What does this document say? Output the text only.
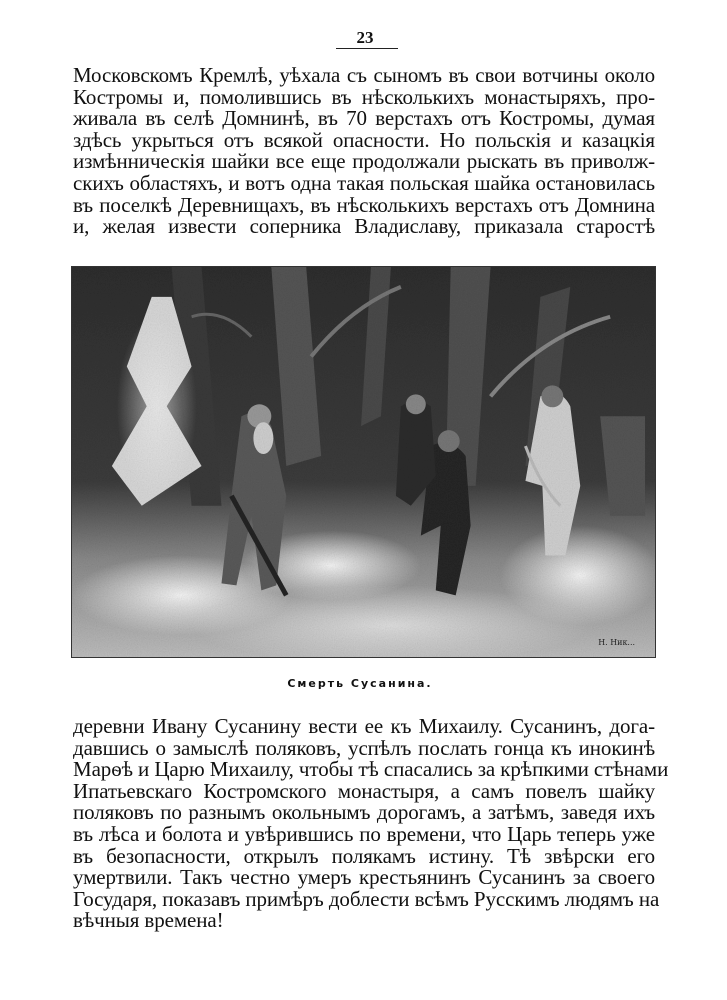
23
Московскомъ Кремлѣ, уѣхала съ сыномъ въ свои вотчины около
Костромы и, помолившись въ нѣсколькихъ монастыряхъ, про-
живала въ селѣ Домнинѣ, въ 70 верстахъ отъ Костромы, думая
здѣсь укрыться отъ всякой опасности. Но польскія и казацкія
измѣнническія шайки все еще продолжали рыскать въ приволж-
скихъ областяхъ, и вотъ одна такая польская шайка остановилась
въ поселкѣ Деревнищахъ, въ нѣсколькихъ верстахъ отъ Домнина
и, желая извести соперника Владиславу, приказала старостѣ
Н. Ник...
Смерть Сусанина.
деревни Ивану Сусанину вести ее къ Михаилу. Сусанинъ, дога-
давшись о замыслѣ поляковъ, успѣлъ послать гонца къ инокинѣ
Марѳѣ и Царю Михаилу, чтобы тѣ спасались за крѣпкими стѣнами
Ипатьевскаго Костромского монастыря, а самъ повелъ шайку
поляковъ по разнымъ окольнымъ дорогамъ, а затѣмъ, заведя ихъ
въ лѣса и болота и увѣрившись по времени, что Царь теперь уже
въ безопасности, открылъ полякамъ истину. Тѣ звѣрски его
умертвили. Такъ честно умеръ крестьянинъ Сусанинъ за своего
Государя, показавъ примѣръ доблести всѣмъ Русскимъ людямъ на
вѣчныя времена!
